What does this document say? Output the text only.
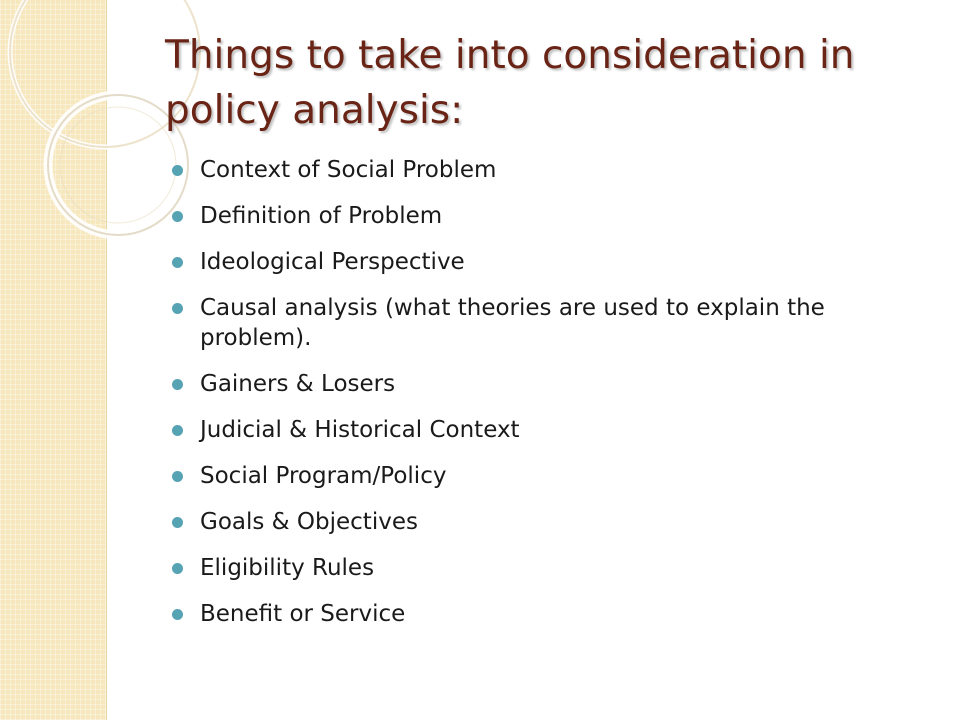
Things to take into consideration in policy analysis:
Context of Social Problem
Definition of Problem
Ideological Perspective
Causal analysis (what theories are used to explain the problem).
Gainers & Losers
Judicial & Historical Context
Social Program/Policy
Goals & Objectives
Eligibility Rules
Benefit or Service
